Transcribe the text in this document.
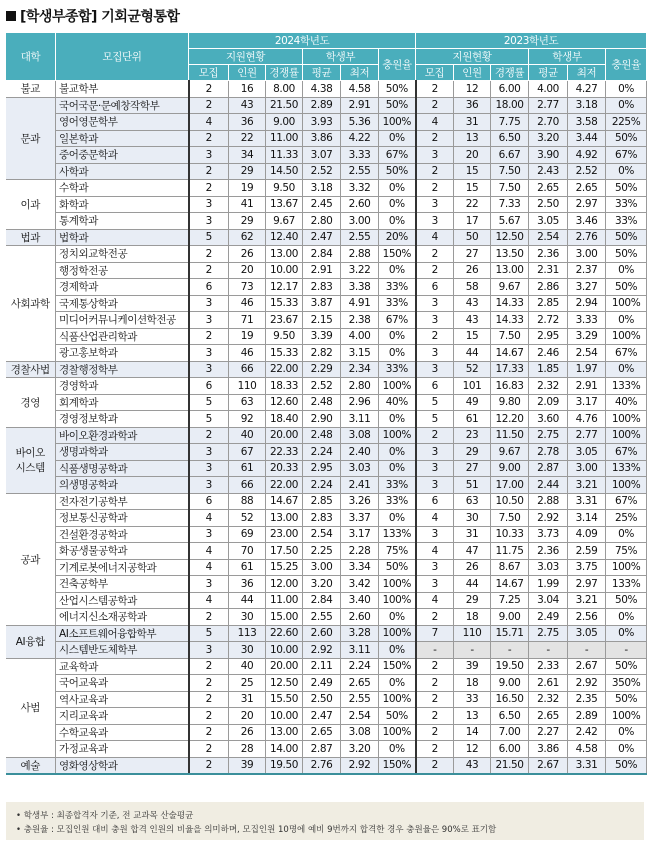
[학생부종합] 기회균형통합
대학	모집단위	2024학년도						2023학년도					
		지원현황			학생부		충원율	지원현황			학생부		충원율
		모집	인원	경쟁률	평균	최저		모집	인원	경쟁률	평균	최저	
불교	불교학부	2	16	8.00	4.38	4.58	50%	2	12	6.00	4.00	4.27	0%
문과	국어국문·문예창작학부	2	43	21.50	2.89	2.91	50%	2	36	18.00	2.77	3.18	0%
	영어영문학부	4	36	9.00	3.93	5.36	100%	4	31	7.75	2.70	3.58	225%
	일본학과	2	22	11.00	3.86	4.22	0%	2	13	6.50	3.20	3.44	50%
	중어중문학과	3	34	11.33	3.07	3.33	67%	3	20	6.67	3.90	4.92	67%
	사학과	2	29	14.50	2.52	2.55	50%	2	15	7.50	2.43	2.52	0%
이과	수학과	2	19	9.50	3.18	3.32	0%	2	15	7.50	2.65	2.65	50%
	화학과	3	41	13.67	2.45	2.60	0%	3	22	7.33	2.50	2.97	33%
	통계학과	3	29	9.67	2.80	3.00	0%	3	17	5.67	3.05	3.46	33%
법과	법학과	5	62	12.40	2.47	2.55	20%	4	50	12.50	2.54	2.76	50%
사회과학	정치외교학전공	2	26	13.00	2.84	2.88	150%	2	27	13.50	2.36	3.00	50%
	행정학전공	2	20	10.00	2.91	3.22	0%	2	26	13.00	2.31	2.37	0%
	경제학과	6	73	12.17	2.83	3.38	33%	6	58	9.67	2.86	3.27	50%
	국제통상학과	3	46	15.33	3.87	4.91	33%	3	43	14.33	2.85	2.94	100%
	미디어커뮤니케이션학전공	3	71	23.67	2.15	2.38	67%	3	43	14.33	2.72	3.33	0%
	식품산업관리학과	2	19	9.50	3.39	4.00	0%	2	15	7.50	2.95	3.29	100%
	광고홍보학과	3	46	15.33	2.82	3.15	0%	3	44	14.67	2.46	2.54	67%
경찰사법	경찰행정학부	3	66	22.00	2.29	2.34	33%	3	52	17.33	1.85	1.97	0%
경영	경영학과	6	110	18.33	2.52	2.80	100%	6	101	16.83	2.32	2.91	133%
	회계학과	5	63	12.60	2.48	2.96	40%	5	49	9.80	2.09	3.17	40%
	경영정보학과	5	92	18.40	2.90	3.11	0%	5	61	12.20	3.60	4.76	100%
바이오
시스템	바이오환경과학과	2	40	20.00	2.48	3.08	100%	2	23	11.50	2.75	2.77	100%
	생명과학과	3	67	22.33	2.24	2.40	0%	3	29	9.67	2.78	3.05	67%
	식품생명공학과	3	61	20.33	2.95	3.03	0%	3	27	9.00	2.87	3.00	133%
	의생명공학과	3	66	22.00	2.24	2.41	33%	3	51	17.00	2.44	3.21	100%
공과	전자전기공학부	6	88	14.67	2.85	3.26	33%	6	63	10.50	2.88	3.31	67%
	정보통신공학과	4	52	13.00	2.83	3.37	0%	4	30	7.50	2.92	3.14	25%
	건설환경공학과	3	69	23.00	2.54	3.17	133%	3	31	10.33	3.73	4.09	0%
	화공생물공학과	4	70	17.50	2.25	2.28	75%	4	47	11.75	2.36	2.59	75%
	기계로봇에너지공학과	4	61	15.25	3.00	3.34	50%	3	26	8.67	3.03	3.75	100%
	건축공학부	3	36	12.00	3.20	3.42	100%	3	44	14.67	1.99	2.97	133%
	산업시스템공학과	4	44	11.00	2.84	3.40	100%	4	29	7.25	3.04	3.21	50%
	에너지신소재공학과	2	30	15.00	2.55	2.60	0%	2	18	9.00	2.49	2.56	0%
AI융합	AI소프트웨어융합학부	5	113	22.60	2.60	3.28	100%	7	110	15.71	2.75	3.05	0%
	시스템반도체학부	3	30	10.00	2.92	3.11	0%	-	-	-	-	-	-
사범	교육학과	2	40	20.00	2.11	2.24	150%	2	39	19.50	2.33	2.67	50%
	국어교육과	2	25	12.50	2.49	2.65	0%	2	18	9.00	2.61	2.92	350%
	역사교육과	2	31	15.50	2.50	2.55	100%	2	33	16.50	2.32	2.35	50%
	지리교육과	2	20	10.00	2.47	2.54	50%	2	13	6.50	2.65	2.89	100%
	수학교육과	2	26	13.00	2.65	3.08	100%	2	14	7.00	2.27	2.42	0%
	가정교육과	2	28	14.00	2.87	3.20	0%	2	12	6.00	3.86	4.58	0%
예술	영화영상학과	2	39	19.50	2.76	2.92	150%	2	43	21.50	2.67	3.31	50%
• 학생부 : 최종합격자 기준, 전 교과목 산술평균
• 충원율 : 모집인원 대비 충원 합격 인원의 비율을 의미하며, 모집인원 10명에 예비 9번까지 합격한 경우 충원율은 90%로 표기함
